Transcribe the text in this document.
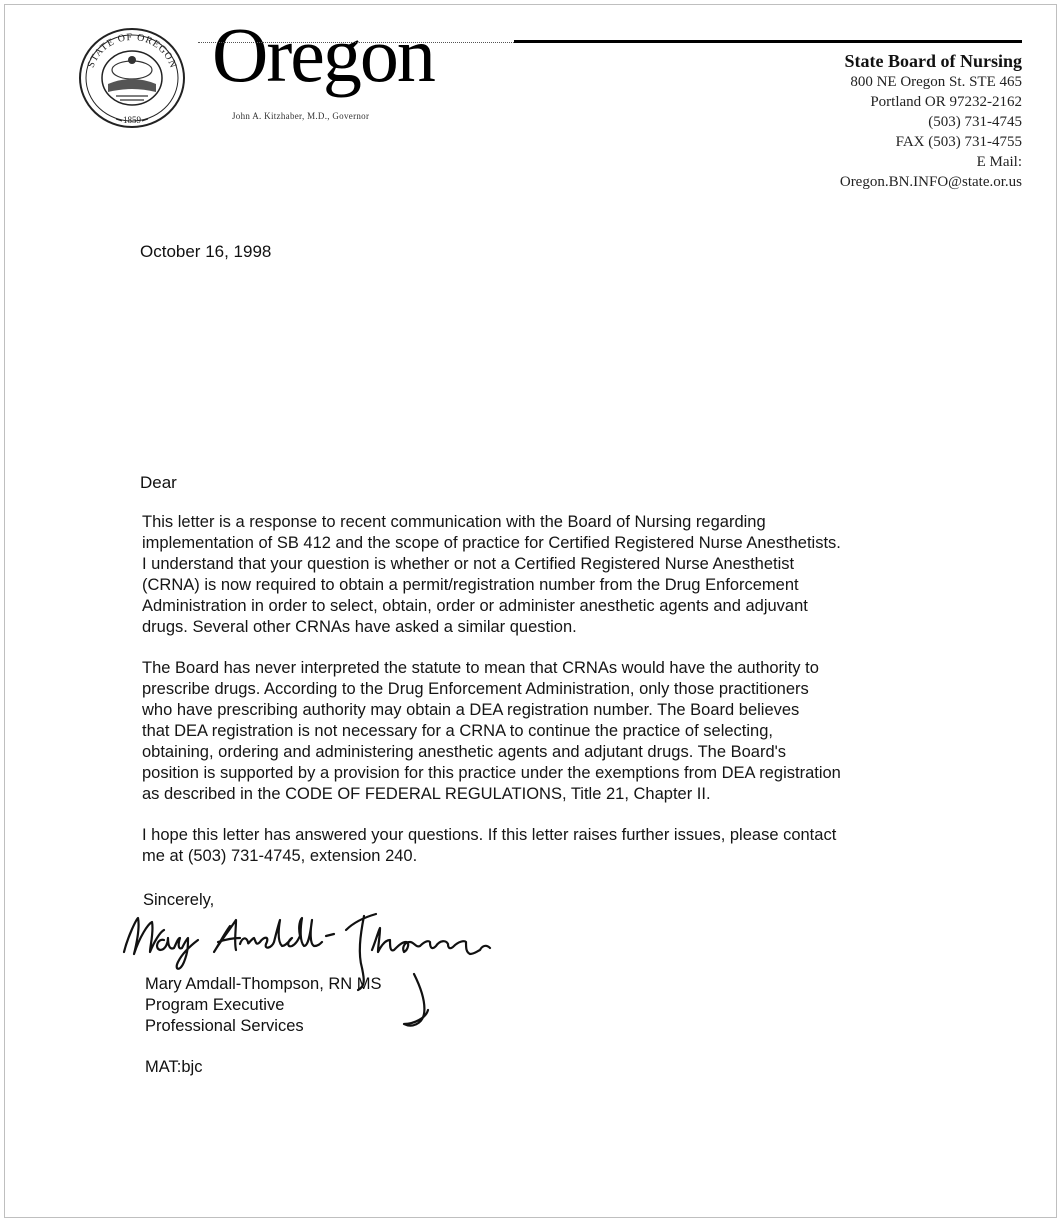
STATE OF OREGON
1859
Oregon
John A. Kitzhaber, M.D., Governor
State Board of Nursing
800 NE Oregon St. STE 465
Portland OR 97232-2162
(503) 731-4745
FAX (503) 731-4755
E Mail:
Oregon.BN.INFO@state.or.us
October 16, 1998
Dear
This letter is a response to recent communication with the Board of Nursing regarding
implementation of SB 412 and the scope of practice for Certified Registered Nurse Anesthetists.
I understand that your question is whether or not a Certified Registered Nurse Anesthetist
(CRNA) is now required to obtain a permit/registration number from the Drug Enforcement
Administration in order to select, obtain, order or administer anesthetic agents and adjuvant
drugs. Several other CRNAs have asked a similar question.
The Board has never interpreted the statute to mean that CRNAs would have the authority to
prescribe drugs. According to the Drug Enforcement Administration, only those practitioners
who have prescribing authority may obtain a DEA registration number. The Board believes
that DEA registration is not necessary for a CRNA to continue the practice of selecting,
obtaining, ordering and administering anesthetic agents and adjutant drugs. The Board's
position is supported by a provision for this practice under the exemptions from DEA registration
as described in the CODE OF FEDERAL REGULATIONS, Title 21, Chapter II.
I hope this letter has answered your questions. If this letter raises further issues, please contact
me at (503) 731-4745, extension 240.
Sincerely,
Mary Amdall-Thompson, RN MS
Program Executive
Professional Services
MAT:bjc
